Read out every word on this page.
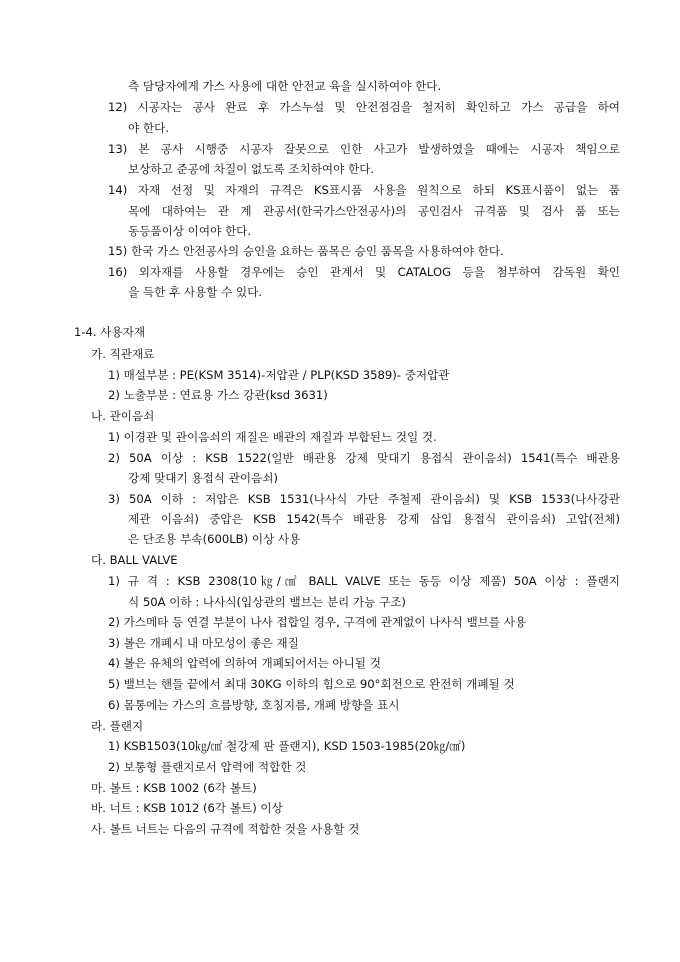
측 담당자에게 가스 사용에 대한 안전교 육을 실시하여야 한다.
12) 시공자는 공사 완료 후 가스누설 및 안전점검을 철저히 확인하고 가스 공급을 하여
야 한다.
13) 본 공사 시행중 시공자 잘못으로 인한 사고가 발생하였을 때에는 시공자 책임으로
보상하고 준공에 차질이 없도록 조치하여야 한다.
14) 자재 선정 및 자재의 규격은 KS표시품 사용을 원칙으로 하되 KS표시품이 없는 품
목에 대하여는 관 계 관공서(한국가스안전공사)의 공인검사 규격품 및 검사 품 또는
동등품이상 이여야 한다.
15) 한국 가스 안전공사의 승인을 요하는 품목은 승인 품목을 사용하여야 한다.
16) 외자재를 사용할 경우에는 승인 관계서 및 CATALOG 등을 첨부하여 감독원 확인
을 득한 후 사용할 수 있다.
1-4. 사용자재
가. 직관재료
1) 매설부분 : PE(KSM 3514)-저압관 / PLP(KSD 3589)- 중저압관
2) 노출부분 : 연료용 가스 강관(ksd 3631)
나. 관이음쇠
1) 이경관 및 관이음쇠의 재질은 배관의 재질과 부합된느 것일 것.
2) 50A 이상 : KSB 1522(일반 배관용 강제 맞대기 용접식 관이음쇠) 1541(특수 배관용
강제 맞대기 용접식 관이음쇠)
3) 50A 이하 : 저압은 KSB 1531(나사식 가단 주철제 관이음쇠) 및 KSB 1533(나사강관
제관 이음쇠) 중압은 KSB 1542(특수 배관용 강제 삽입 용접식 관이음쇠) 고압(전체)
은 단조용 부속(600LB) 이상 사용
다. BALL VALVE
1) 규 격 : KSB 2308(10㎏/㎠ BALL VALVE 또는 동등 이상 제품) 50A 이상 : 플랜지
식 50A 이하 : 나사식(입상관의 밸브는 분리 가능 구조)
2) 가스메타 등 연결 부분이 나사 접합일 경우, 구격에 관계없이 나사식 밸브를 사용
3) 볼은 개폐시 내 마모성이 좋은 재질
4) 볼은 유체의 압력에 의하여 개폐되어서는 아니될 것
5) 밸브는 핸들 끝에서 최대 30KG 이하의 힘으로 90°회전으로 완전히 개폐될 것
6) 몸통에는 가스의 흐름방향, 호칭지름, 개폐 방향을 표시
라. 플랜지
1) KSB1503(10㎏/㎠ 철강제 판 플랜지), KSD 1503-1985(20㎏/㎠)
2) 보통형 플랜지로서 압력에 적합한 것
마. 볼트 : KSB 1002 (6각 볼트)
바. 너트 : KSB 1012 (6각 볼트) 이상
사. 볼트 너트는 다음의 규격에 적합한 것을 사용할 것
